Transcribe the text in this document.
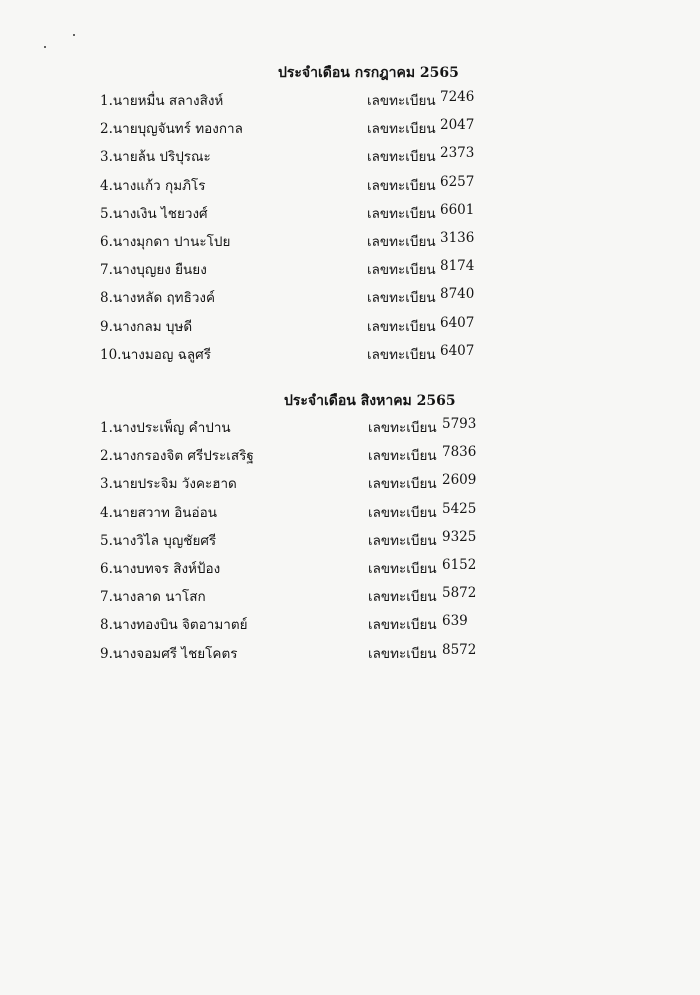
ประจำเดือน กรกฎาคม 2565
1.นายหมื่น สลางสิงห์	เลขทะเบียน 7246
2.นายบุญจันทร์ ทองกาล	เลขทะเบียน 2047
3.นายล้น ปริปุรณะ	เลขทะเบียน 2373
4.นางแก้ว กุมภิโร	เลขทะเบียน 6257
5.นางเงิน ไชยวงศ์	เลขทะเบียน 6601
6.นางมุกดา ปานะโปย	เลขทะเบียน 3136
7.นางบุญยง ยืนยง	เลขทะเบียน 8174
8.นางหลัด ฤทธิวงค์	เลขทะเบียน 8740
9.นางกลม บุษดี	เลขทะเบียน 6407
10.นางมอญ ฉลูศรี	เลขทะเบียน 6407
ประจำเดือน สิงหาคม 2565
1.นางประเพ็ญ คำปาน	เลขทะเบียน 5793
2.นางกรองจิต ศรีประเสริฐ	เลขทะเบียน 7836
3.นายประจิม วังคะฮาด	เลขทะเบียน 2609
4.นายสวาท อินอ่อน	เลขทะเบียน 5425
5.นางวิไล บุญชัยศรี	เลขทะเบียน 9325
6.นางบทจร สิงห์ป้อง	เลขทะเบียน 6152
7.นางลาด นาโสก	เลขทะเบียน 5872
8.นางทองบิน จิตอามาตย์	เลขทะเบียน 639
9.นางจอมศรี ไชยโคตร	เลขทะเบียน 8572
